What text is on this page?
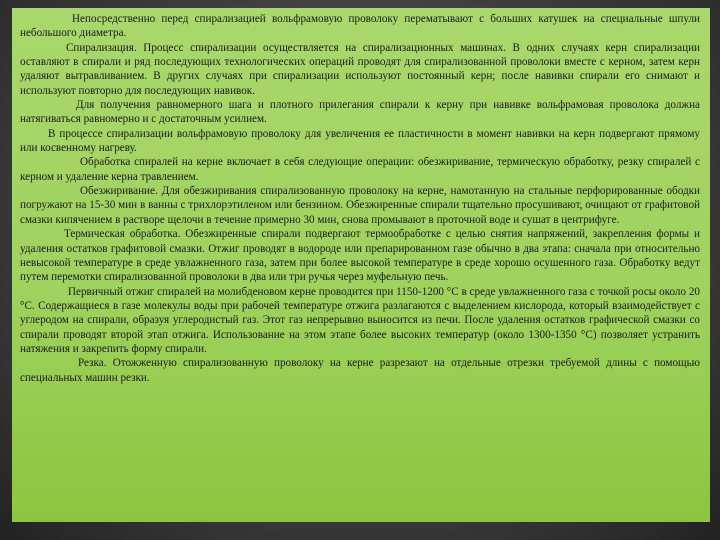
Непосредственно перед спирализацией вольфрамовую проволоку перематывают с больших катушек на специальные шпули небольшого диаметра.

Спирализация. Процесс спирализации осуществляется на спирализационных машинах. В одних случаях керн спирализации оставляют в спирали и ряд последующих технологических операций проводят для спирализованной проволоки вместе с керном, затем керн удаляют вытравливанием. В других случаях при спирализации используют постоянный керн; после навивки спирали его снимают и используют повторно для последующих навивок.

Для получения равномерного шага и плотного прилегания спирали к керну при навивке вольфрамовая проволока должна натягиваться равномерно и с достаточным усилием.

В процессе спирализации вольфрамовую проволоку для увеличения ее пластичности в момент навивки на керн подвергают прямому или косвенному нагреву.

Обработка спиралей на керне включает в себя следующие операции: обезжиривание, термическую обработку, резку спиралей с керном и удаление керна травлением.

Обезжиривание. Для обезжиривания спирализованную проволоку на керне, намотанную на стальные перфорированные ободки погружают на 15-30 мин в ванны с трихлорэтиленом или бензином. Обезжиренные спирали тщательно просушивают, очищают от графитовой смазки кипячением в растворе щелочи в течение примерно 30 мин, снова промывают в проточной воде и сушат в центрифуге.

Термическая обработка. Обезжиренные спирали подвергают термообработке с целью снятия напряжений, закрепления формы и удаления остатков графитовой смазки. Отжиг проводят в водороде или препарированном газе обычно в два этапа: сначала при относительно невысокой температуре в среде увлажненного газа, затем при более высокой температуре в среде хорошо осушенного газа. Обработку ведут путем перемотки спирализованной проволоки в два или три ручья через муфельную печь.

Первичный отжиг спиралей на молибденовом керне проводится при 1150-1200 °С в среде увлажненного газа с точкой росы около 20 °С. Содержащиеся в газе молекулы воды при рабочей температуре отжига разлагаются с выделением кислорода, который взаимодействует с углеродом на спирали, образуя углеродистый газ. Этот газ непрерывно выносится из печи. После удаления остатков графической смазки со спирали проводят второй этап отжига. Использование на этом этапе более высоких температур (около 1300-1350 °С) позволяет устранить натяжения и закрепить форму спирали.

Резка. Отожженную спирализованную проволоку на керне разрезают на отдельные отрезки требуемой длины с помощью специальных машин резки.
